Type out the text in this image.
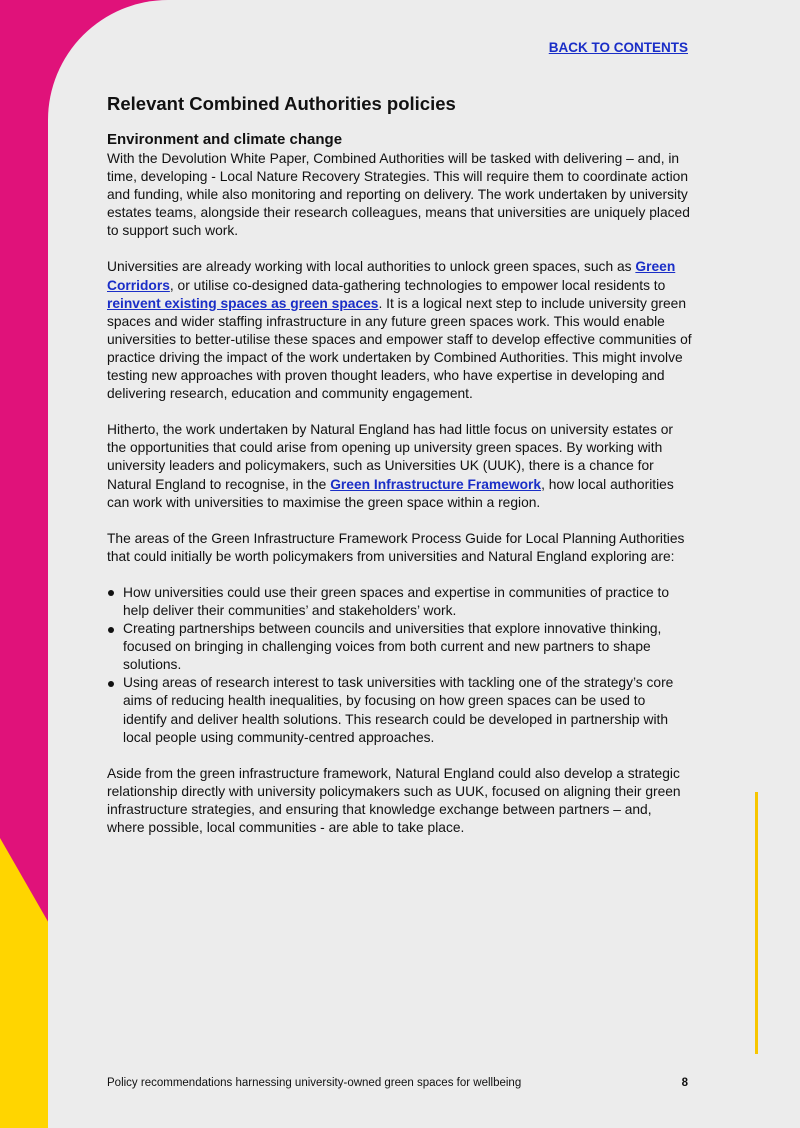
BACK TO CONTENTS
Relevant Combined Authorities policies
Environment and climate change

With the Devolution White Paper, Combined Authorities will be tasked with delivering – and, in time, developing - Local Nature Recovery Strategies. This will require them to coordinate action and funding, while also monitoring and reporting on delivery. The work undertaken by university estates teams, alongside their research colleagues, means that universities are uniquely placed to support such work.

Universities are already working with local authorities to unlock green spaces, such as Green Corridors, or utilise co-designed data-gathering technologies to empower local residents to reinvent existing spaces as green spaces. It is a logical next step to include university green spaces and wider staffing infrastructure in any future green spaces work. This would enable universities to better-utilise these spaces and empower staff to develop effective communities of practice driving the impact of the work undertaken by Combined Authorities. This might involve testing new approaches with proven thought leaders, who have expertise in developing and delivering research, education and community engagement.

Hitherto, the work undertaken by Natural England has had little focus on university estates or the opportunities that could arise from opening up university green spaces. By working with university leaders and policymakers, such as Universities UK (UUK), there is a chance for Natural England to recognise, in the Green Infrastructure Framework, how local authorities can work with universities to maximise the green space within a region.

The areas of the Green Infrastructure Framework Process Guide for Local Planning Authorities that could initially be worth policymakers from universities and Natural England exploring are:

How universities could use their green spaces and expertise in communities of practice to help deliver their communities’ and stakeholders’ work.
Creating partnerships between councils and universities that explore innovative thinking, focused on bringing in challenging voices from both current and new partners to shape solutions.
Using areas of research interest to task universities with tackling one of the strategy’s core aims of reducing health inequalities, by focusing on how green spaces can be used to identify and deliver health solutions. This research could be developed in partnership with local people using community-centred approaches.

Aside from the green infrastructure framework, Natural England could also develop a strategic relationship directly with university policymakers such as UUK, focused on aligning their green infrastructure strategies, and ensuring that knowledge exchange between partners – and, where possible, local communities - are able to take place.

Policy recommendations harnessing university-owned green spaces for wellbeing	8
